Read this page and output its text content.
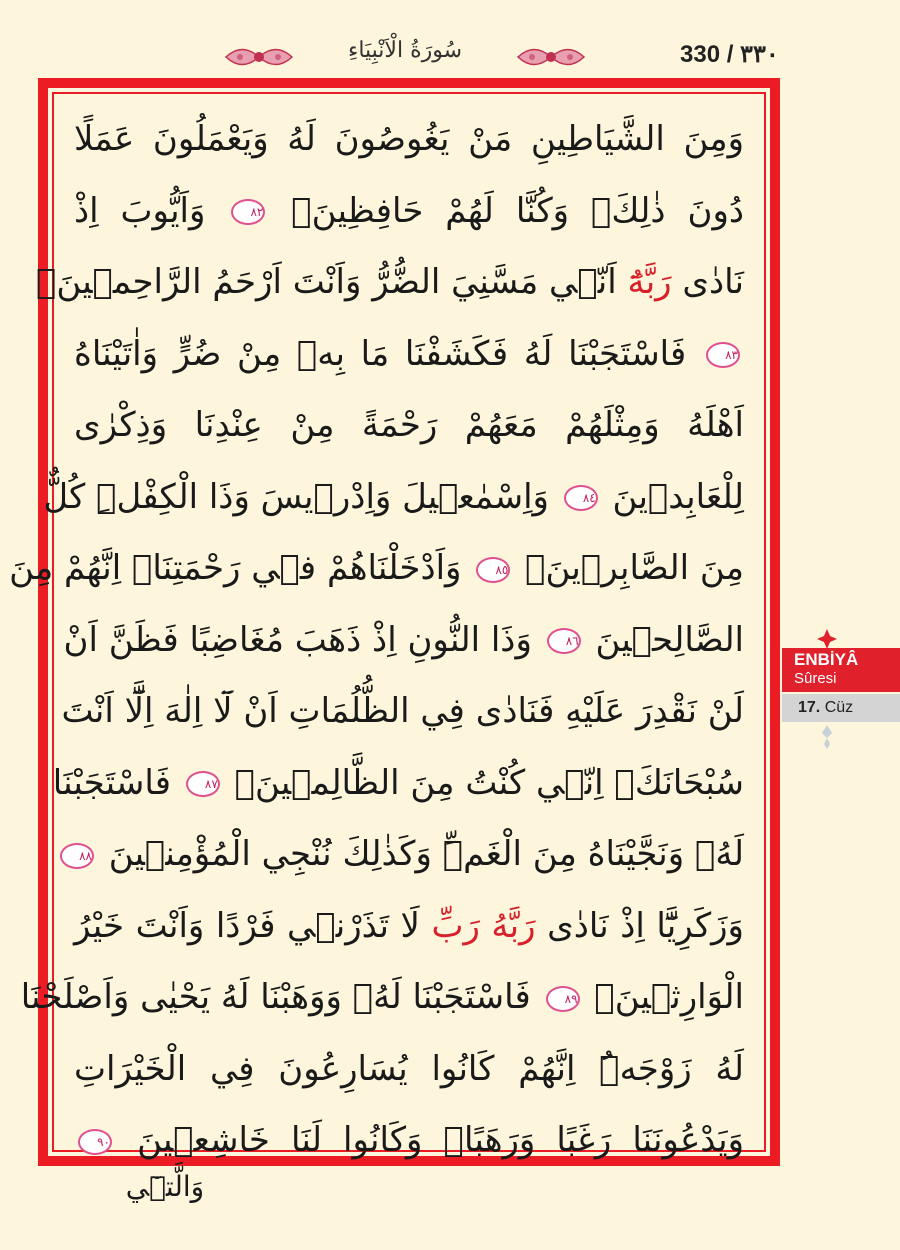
سُورَةُ الْاَنْبِيَاءِ	330 / ٣٣٠
وَمِنَ الشَّيَاطِينِ مَنْ يَغُوصُونَ لَهُ وَيَعْمَلُونَ عَمَلًا
دُونَ ذٰلِكَۚ وَكُنَّا لَهُمْ حَافِظِينَۙ ٨٢ وَاَيُّوبَ اِذْ
نَادٰى رَبَّهُٓ اَنّ۪ي مَسَّنِيَ الضُّرُّ وَاَنْتَ اَرْحَمُ الرَّاحِم۪ينَۚ
٨٣ فَاسْتَجَبْنَا لَهُ فَكَشَفْنَا مَا بِه۪ مِنْ ضُرٍّ وَاٰتَيْنَاهُ
اَهْلَهُ وَمِثْلَهُمْ مَعَهُمْ رَحْمَةً مِنْ عِنْدِنَا وَذِكْرٰى
لِلْعَابِد۪ينَ ٨٤ وَاِسْمٰع۪يلَ وَاِدْر۪يسَ وَذَا الْكِفْلِۜ كُلٌّ
مِنَ الصَّابِر۪ينَۚ ٨٥ وَاَدْخَلْنَاهُمْ ف۪ي رَحْمَتِنَاۜ اِنَّهُمْ مِنَ
الصَّالِح۪ينَ ٨٦ وَذَا النُّونِ اِذْ ذَهَبَ مُغَاضِبًا فَظَنَّ اَنْ
لَنْ نَقْدِرَ عَلَيْهِ فَنَادٰى فِي الظُّلُمَاتِ اَنْ لَٓا اِلٰهَ اِلَّٓا اَنْتَ
سُبْحَانَكَۗ اِنّ۪ي كُنْتُ مِنَ الظَّالِم۪ينَۚ ٨٧ فَاسْتَجَبْنَا
لَهُۙ وَنَجَّيْنَاهُ مِنَ الْغَمِّۜ وَكَذٰلِكَ نُنْجِي الْمُؤْمِن۪ينَ ٨٨
وَزَكَرِيَّٓا اِذْ نَادٰى رَبَّهُ رَبِّ لَا تَذَرْن۪ي فَرْدًا وَاَنْتَ خَيْرُ
الْوَارِث۪ينَۚ ٨٩ فَاسْتَجَبْنَا لَهُۘ وَوَهَبْنَا لَهُ يَحْيٰى وَاَصْلَحْنَا
لَهُ زَوْجَهُۜ اِنَّهُمْ كَانُوا يُسَارِعُونَ فِي الْخَيْرَاتِ
وَيَدْعُونَنَا رَغَبًا وَرَهَبًاۜ وَكَانُوا لَنَا خَاشِع۪ينَ ٩٠
وَالَّت۪ٓي
ENBİYÂ
Sûresi
17. Cüz
